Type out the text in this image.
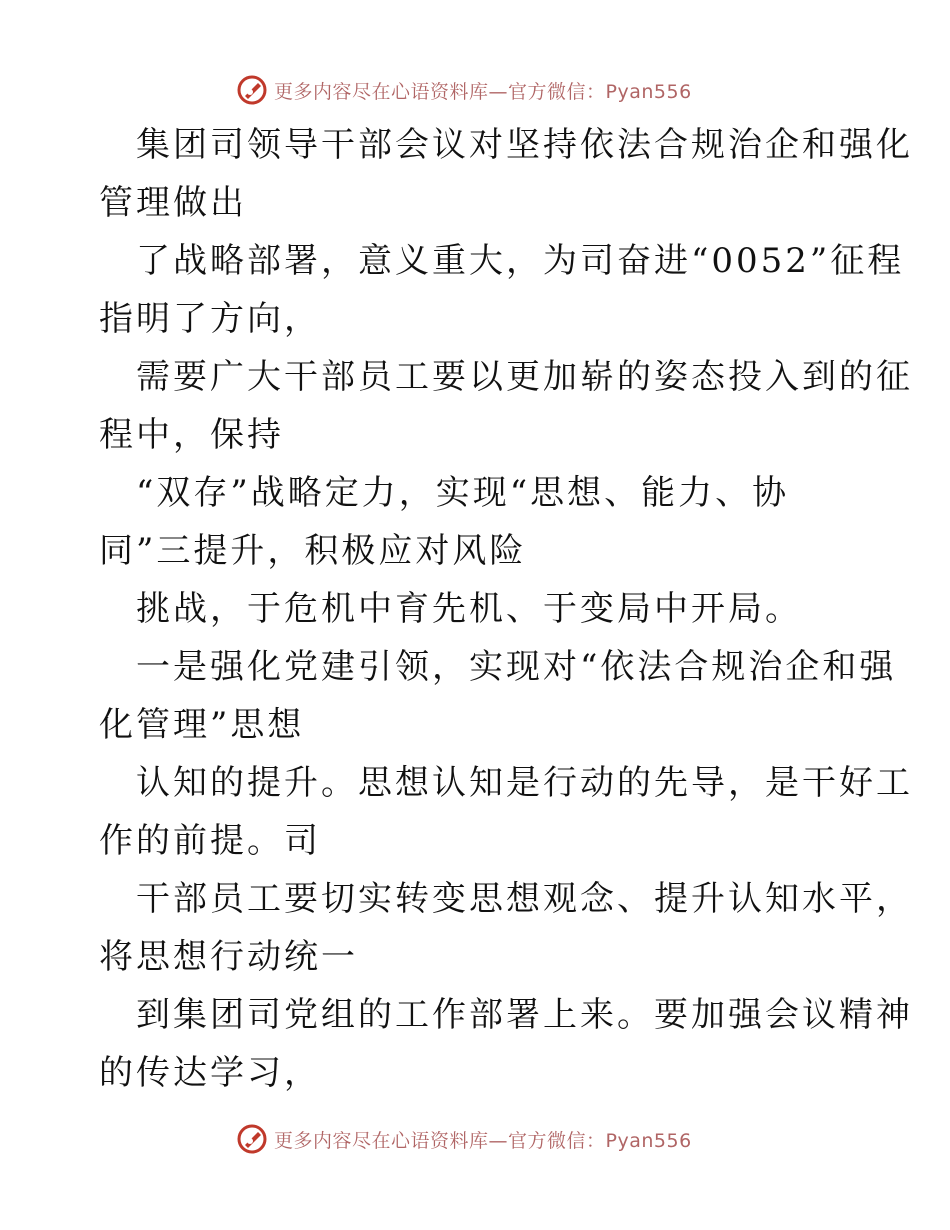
更多内容尽在心语资料库—官方微信：Pyan556
集团司领导干部会议对坚持依法合规治企和强化
管理做出
了战略部署，意义重大，为司奋进“0052”征程
指明了方向，
需要广大干部员工要以更加崭的姿态投入到的征
程中，保持
“双存”战略定力，实现“思想、能力、协
同”三提升，积极应对风险
挑战，于危机中育先机、于变局中开局。
一是强化党建引领，实现对“依法合规治企和强
化管理”思想
认知的提升。思想认知是行动的先导，是干好工
作的前提。司
干部员工要切实转变思想观念、提升认知水平，
将思想行动统一
到集团司党组的工作部署上来。要加强会议精神
的传达学习，
更多内容尽在心语资料库—官方微信：Pyan556
